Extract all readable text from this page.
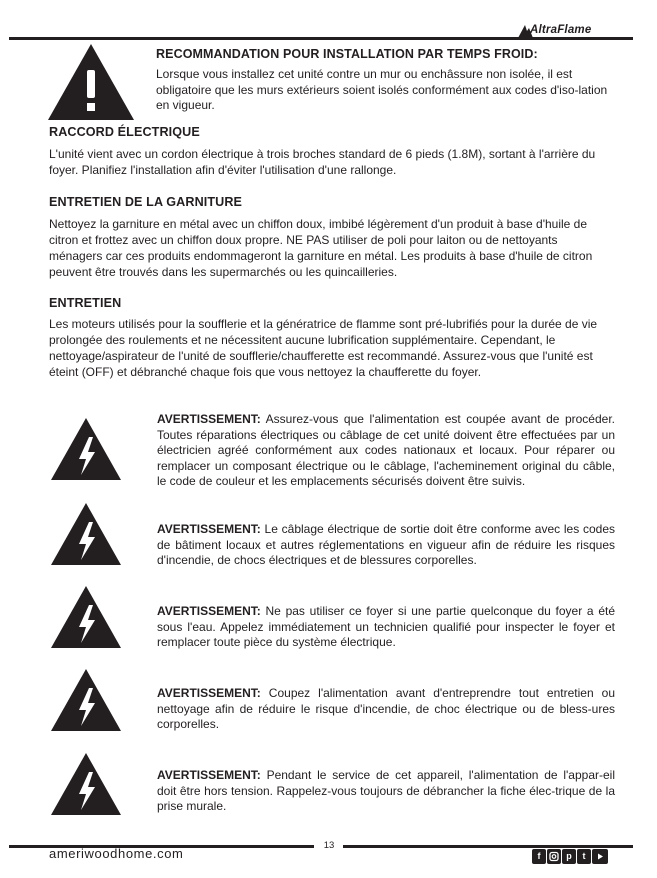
AltraFlame
RECOMMANDATION POUR INSTALLATION PAR TEMPS FROID:
Lorsque vous installez cet unité contre un mur ou enchâssure non isolée, il est obligatoire que les murs extérieurs soient isolés conformément aux codes d'iso-lation en vigueur.
RACCORD ÉLECTRIQUE
L'unité vient avec un cordon électrique à trois broches standard de 6 pieds (1.8M), sortant à l'arrière du foyer. Planifiez l'installation afin d'éviter l'utilisation d'une rallonge.
ENTRETIEN DE LA GARNITURE
Nettoyez la garniture en métal avec un chiffon doux, imbibé légèrement d'un produit à base d'huile de citron et frottez avec un chiffon doux propre. NE PAS utiliser de poli pour laiton ou de nettoyants ménagers car ces produits endommageront la garniture en métal. Les produits à base d'huile de citron peuvent être trouvés dans les supermarchés ou les quincailleries.
ENTRETIEN
Les moteurs utilisés pour la soufflerie et la génératrice de flamme sont pré-lubrifiés pour la durée de vie prolongée des roulements et ne nécessitent aucune lubrification supplémentaire. Cependant, le nettoyage/aspirateur de l'unité de soufflerie/chaufferette est recommandé. Assurez-vous que l'unité est éteint (OFF) et débranché chaque fois que vous nettoyez la chaufferette du foyer.
AVERTISSEMENT: Assurez-vous que l'alimentation est coupée avant de procéder. Toutes réparations électriques ou câblage de cet unité doivent être effectuées par un électricien agréé conformément aux codes nationaux et locaux. Pour réparer ou remplacer un composant électrique ou le câblage, l'acheminement original du câble, le code de couleur et les emplacements sécurisés doivent être suivis.
AVERTISSEMENT: Le câblage électrique de sortie doit être conforme avec les codes de bâtiment locaux et autres réglementations en vigueur afin de réduire les risques d'incendie, de chocs électriques et de blessures corporelles.
AVERTISSEMENT: Ne pas utiliser ce foyer si une partie quelconque du foyer a été sous l'eau. Appelez immédiatement un technicien qualifié pour inspecter le foyer et remplacer toute pièce du système électrique.
AVERTISSEMENT: Coupez l'alimentation avant d'entreprendre tout entretien ou nettoyage afin de réduire le risque d'incendie, de choc électrique ou de bless-ures corporelles.
AVERTISSEMENT: Pendant le service de cet appareil, l'alimentation de l'appar-eil doit être hors tension. Rappelez-vous toujours de débrancher la fiche élec-trique de la prise murale.
13
ameriwoodhome.com	f	p	t
